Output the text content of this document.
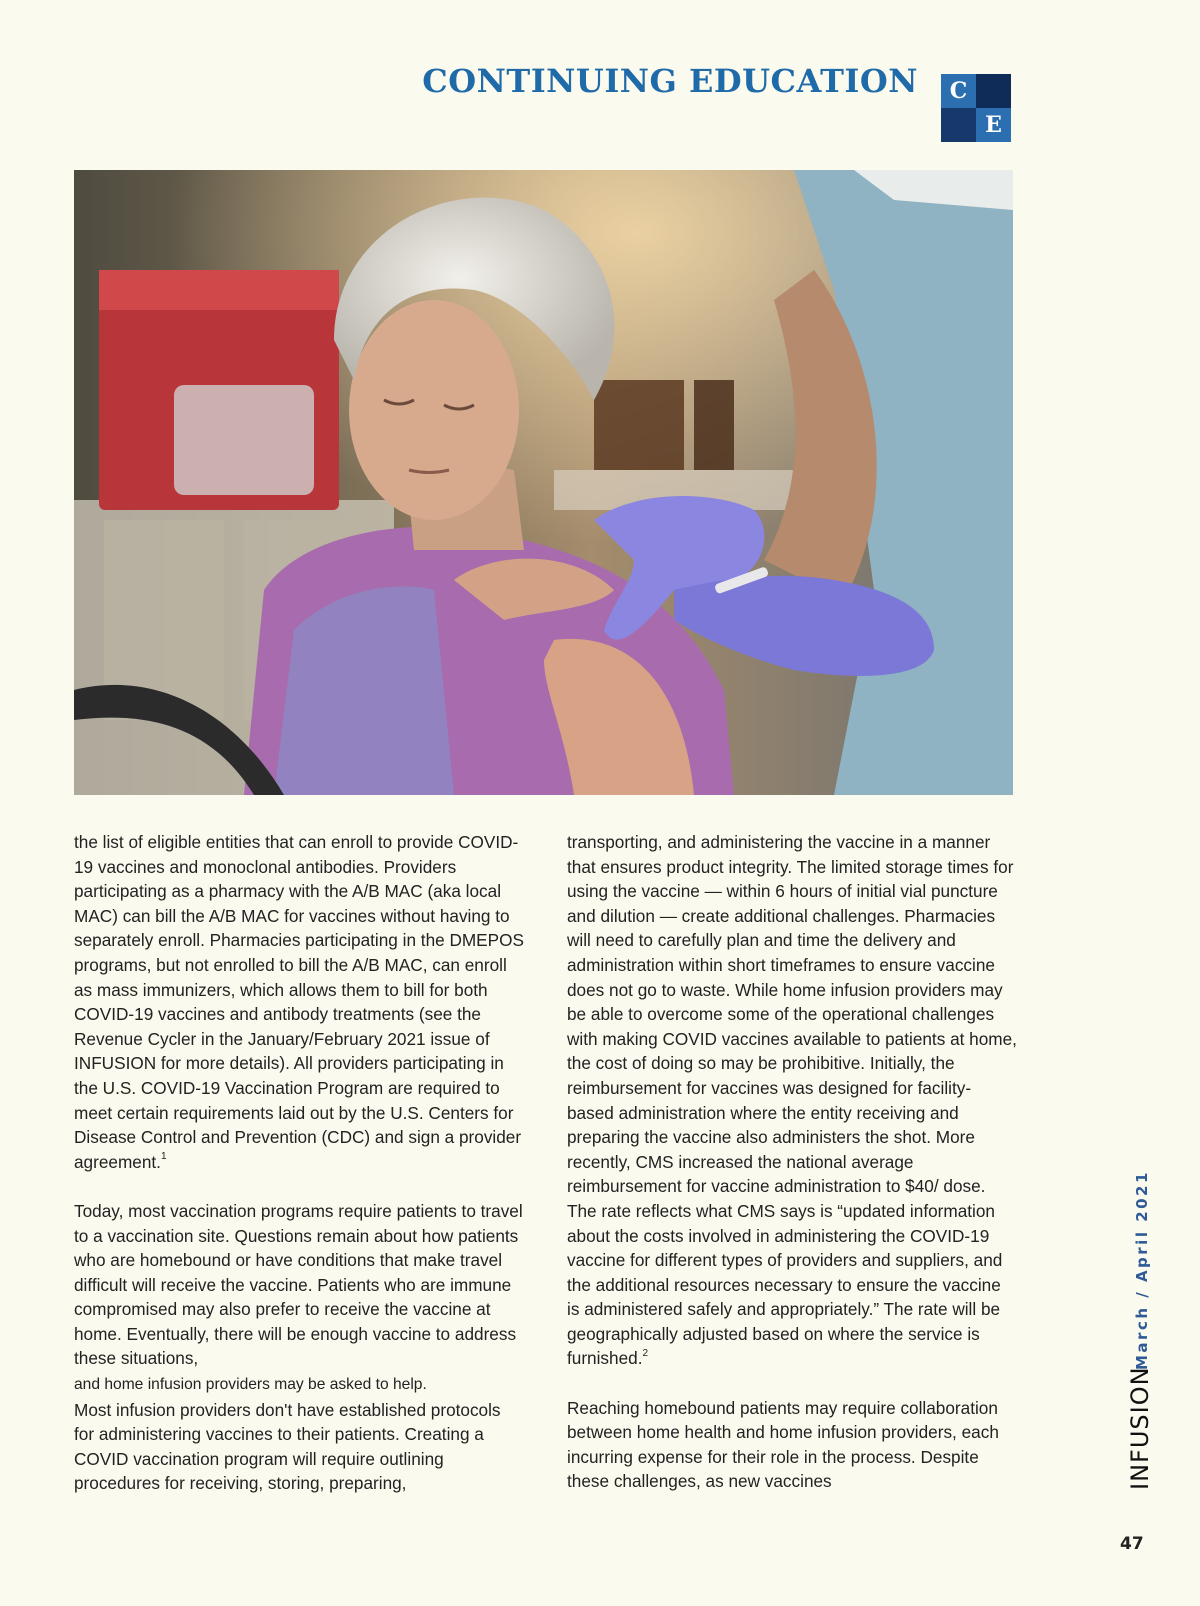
CONTINUING EDUCATION	C
E

the list of eligible entities that can enroll to provide COVID-19 vaccines and monoclonal antibodies. Providers participating as a pharmacy with the A/B MAC (aka local MAC) can bill the A/B MAC for vaccines without having to separately enroll. Pharmacies participating in the DMEPOS programs, but not enrolled to bill the A/B MAC, can enroll as mass immunizers, which allows them to bill for both COVID-19 vaccines and antibody treatments (see the Revenue Cycler in the January/February 2021 issue of INFUSION for more details). All providers participating in the U.S. COVID-19 Vaccination Program are required to meet certain requirements laid out by the U.S. Centers for Disease Control and Prevention (CDC) and sign a provider agreement.$^1$

Today, most vaccination programs require patients to travel to a vaccination site. Questions remain about how patients who are homebound or have conditions that make travel difficult will receive the vaccine. Patients who are immune compromised may also prefer to receive the vaccine at home. Eventually, there will be enough vaccine to address these situations,
and home infusion providers may be asked to help.
Most infusion providers don't have established protocols for administering vaccines to their patients. Creating a COVID vaccination program will require outlining procedures for receiving, storing, preparing,

transporting, and administering the vaccine in a manner that ensures product integrity. The limited storage times for using the vaccine — within 6 hours of initial vial puncture and dilution — create additional challenges. Pharmacies will need to carefully plan and time the delivery and administration within short timeframes to ensure vaccine does not go to waste. While home infusion providers may be able to overcome some of the operational challenges with making COVID vaccines available to patients at home, the cost of doing so may be prohibitive. Initially, the reimbursement for vaccines was designed for facility-based administration where the entity receiving and preparing the vaccine also administers the shot. More recently, CMS increased the national average reimbursement for vaccine administration to $40/ dose. The rate reflects what CMS says is “updated information about the costs involved in administering the COVID-19 vaccine for different types of providers and suppliers, and the additional resources necessary to ensure the vaccine is administered safely and appropriately.” The rate will be geographically adjusted based on where the service is furnished.$^2$

Reaching homebound patients may require collaboration between home health and home infusion providers, each incurring expense for their role in the process. Despite these challenges, as new vaccines

March / April 2021
INFUSION
47
